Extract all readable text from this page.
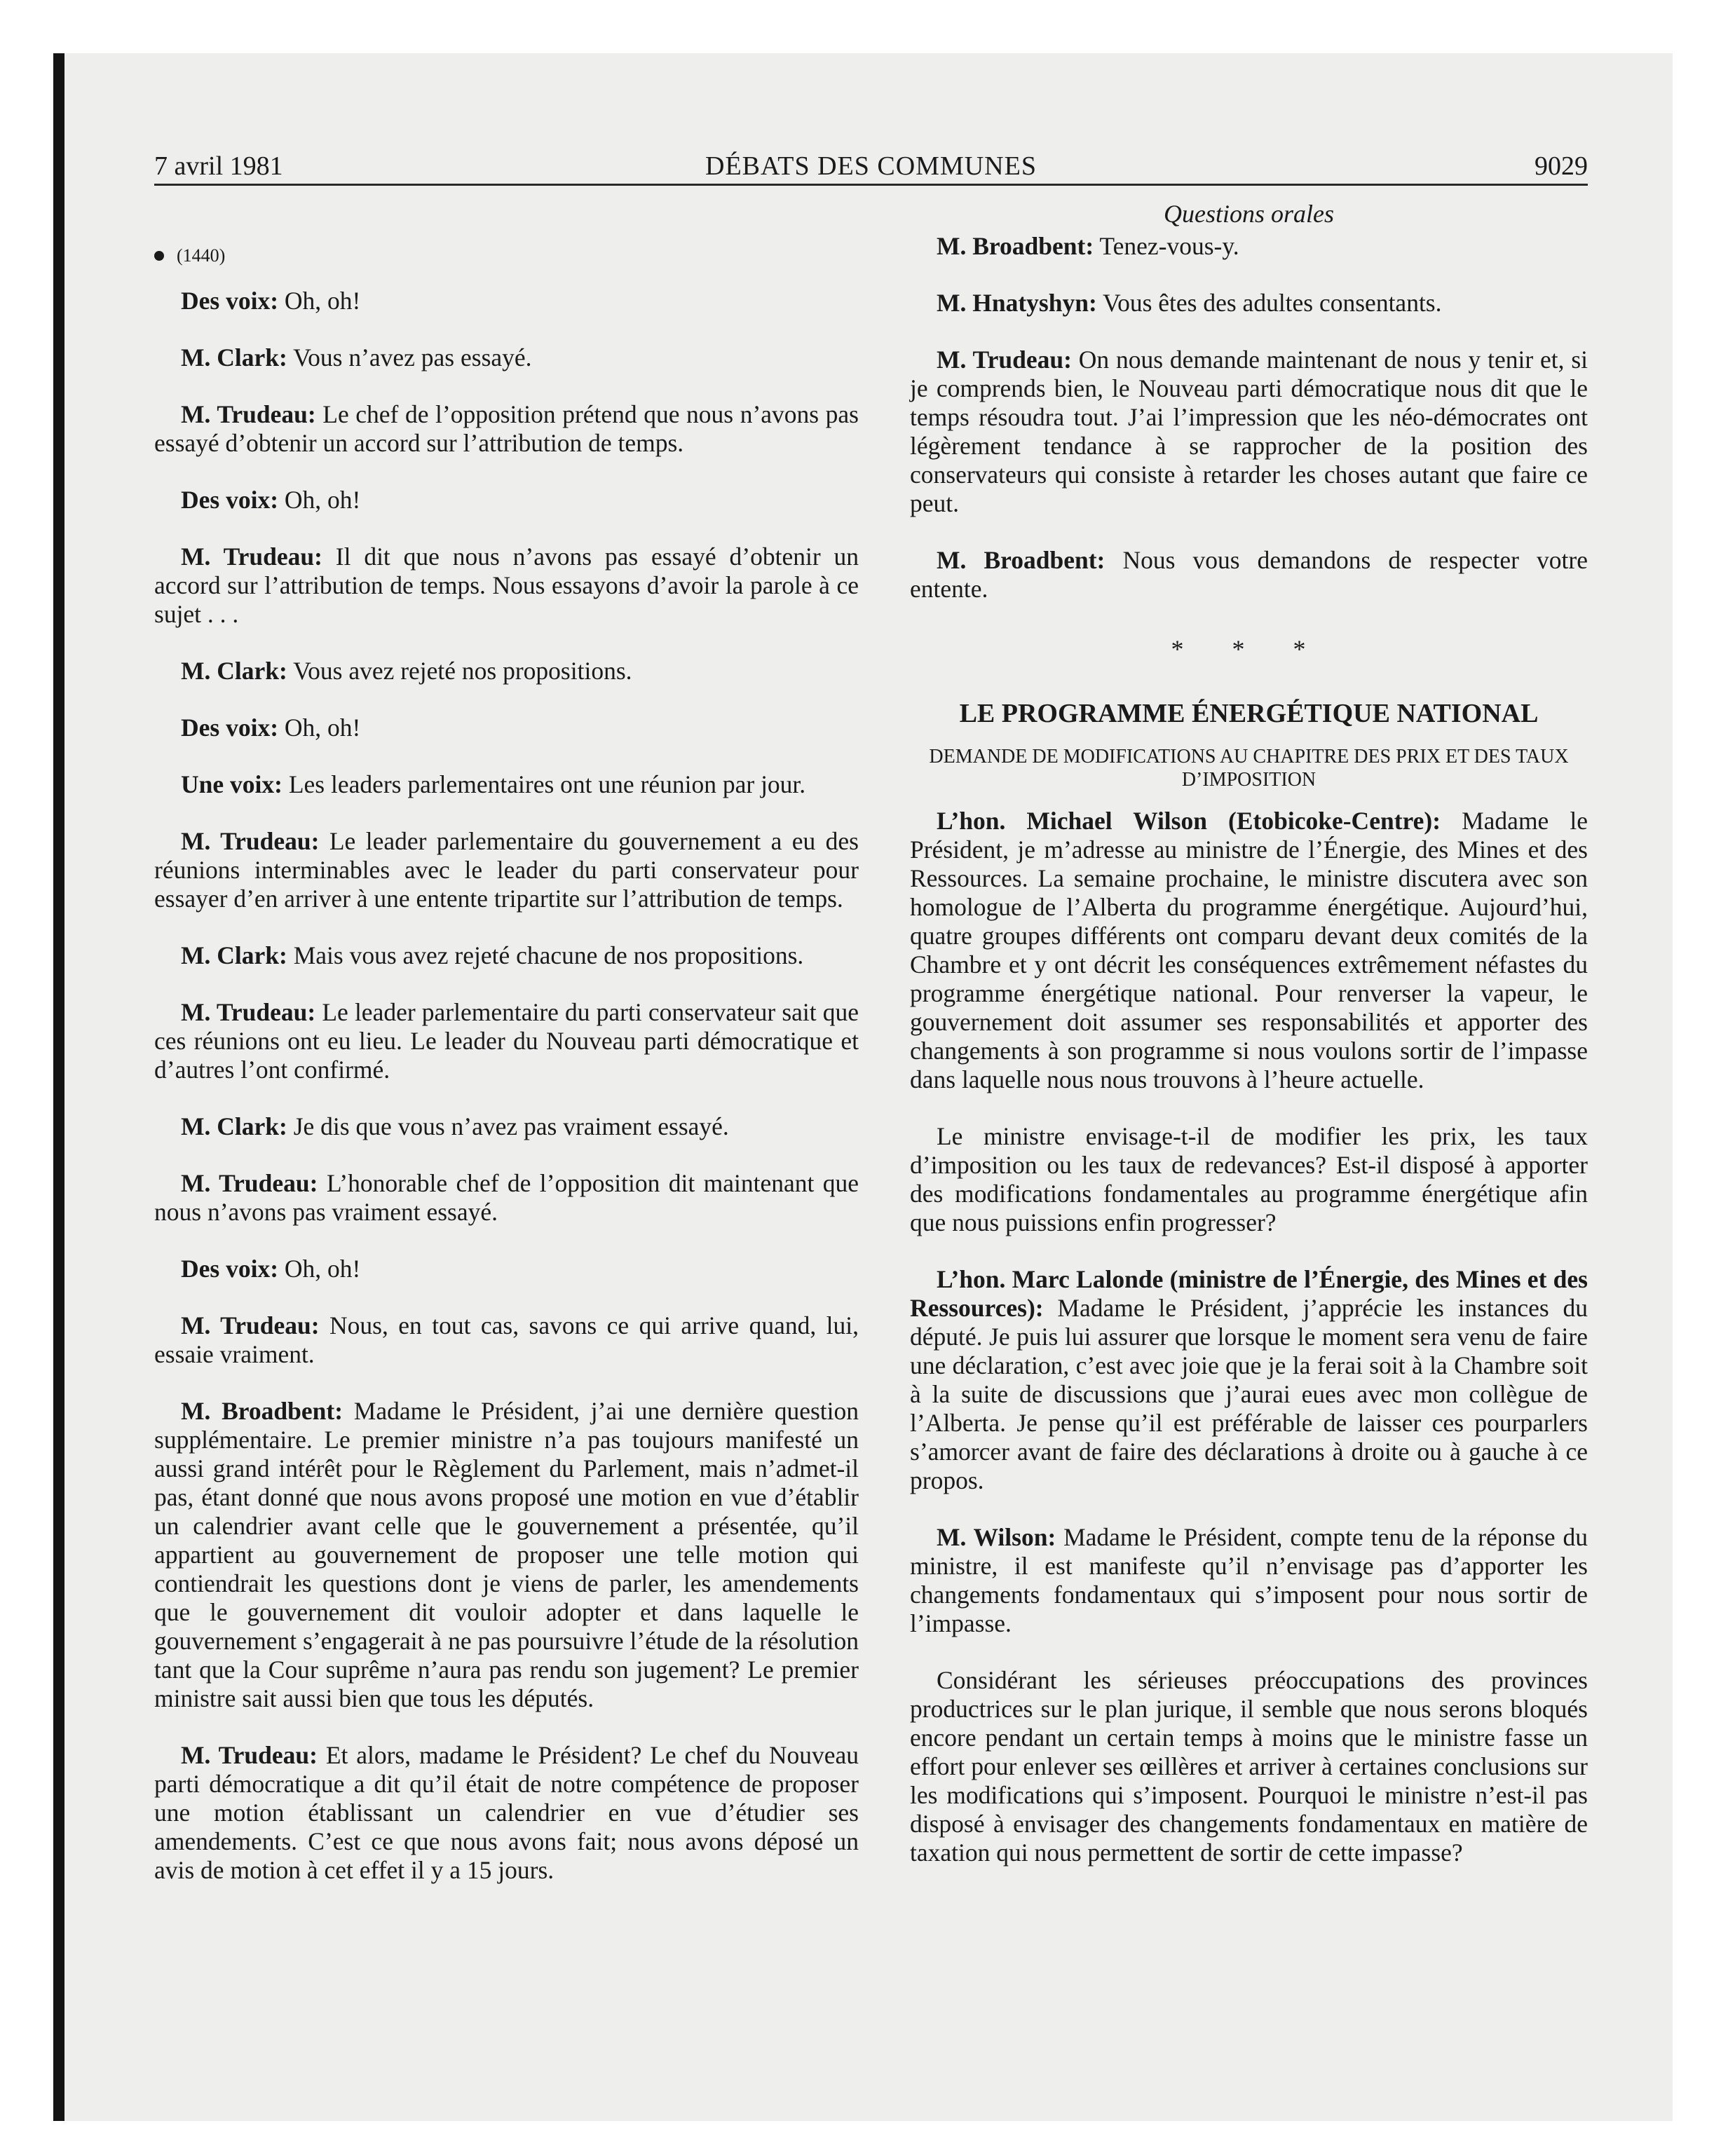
7 avril 1981	DÉBATS DES COMMUNES	9029
(1440)

Des voix: Oh, oh!

M. Clark: Vous n’avez pas essayé.

M. Trudeau: Le chef de l’opposition prétend que nous n’avons pas essayé d’obtenir un accord sur l’attribution de temps.

Des voix: Oh, oh!

M. Trudeau: Il dit que nous n’avons pas essayé d’obtenir un accord sur l’attribution de temps. Nous essayons d’avoir la parole à ce sujet . . .

M. Clark: Vous avez rejeté nos propositions.

Des voix: Oh, oh!

Une voix: Les leaders parlementaires ont une réunion par jour.

M. Trudeau: Le leader parlementaire du gouvernement a eu des réunions interminables avec le leader du parti conservateur pour essayer d’en arriver à une entente tripartite sur l’attribution de temps.

M. Clark: Mais vous avez rejeté chacune de nos propositions.

M. Trudeau: Le leader parlementaire du parti conservateur sait que ces réunions ont eu lieu. Le leader du Nouveau parti démocratique et d’autres l’ont confirmé.

M. Clark: Je dis que vous n’avez pas vraiment essayé.

M. Trudeau: L’honorable chef de l’opposition dit maintenant que nous n’avons pas vraiment essayé.

Des voix: Oh, oh!

M. Trudeau: Nous, en tout cas, savons ce qui arrive quand, lui, essaie vraiment.

M. Broadbent: Madame le Président, j’ai une dernière question supplémentaire. Le premier ministre n’a pas toujours manifesté un aussi grand intérêt pour le Règlement du Parlement, mais n’admet-il pas, étant donné que nous avons proposé une motion en vue d’établir un calendrier avant celle que le gouvernement a présentée, qu’il appartient au gouvernement de proposer une telle motion qui contiendrait les questions dont je viens de parler, les amendements que le gouvernement dit vouloir adopter et dans laquelle le gouvernement s’engagerait à ne pas poursuivre l’étude de la résolution tant que la Cour suprême n’aura pas rendu son jugement? Le premier ministre sait aussi bien que tous les députés.

M. Trudeau: Et alors, madame le Président? Le chef du Nouveau parti démocratique a dit qu’il était de notre compétence de proposer une motion établissant un calendrier en vue d’étudier ses amendements. C’est ce que nous avons fait; nous avons déposé un avis de motion à cet effet il y a 15 jours.

Questions orales

M. Broadbent: Tenez-vous-y.

M. Hnatyshyn: Vous êtes des adultes consentants.

M. Trudeau: On nous demande maintenant de nous y tenir et, si je comprends bien, le Nouveau parti démocratique nous dit que le temps résoudra tout. J’ai l’impression que les néo-démocrates ont légèrement tendance à se rapprocher de la position des conservateurs qui consiste à retarder les choses autant que faire ce peut.

M. Broadbent: Nous vous demandons de respecter votre entente.

* * *
LE PROGRAMME ÉNERGÉTIQUE NATIONAL
DEMANDE DE MODIFICATIONS AU CHAPITRE DES PRIX ET DES TAUX D’IMPOSITION

L’hon. Michael Wilson (Etobicoke-Centre): Madame le Président, je m’adresse au ministre de l’Énergie, des Mines et des Ressources. La semaine prochaine, le ministre discutera avec son homologue de l’Alberta du programme énergétique. Aujourd’hui, quatre groupes différents ont comparu devant deux comités de la Chambre et y ont décrit les conséquences extrêmement néfastes du programme énergétique national. Pour renverser la vapeur, le gouvernement doit assumer ses responsabilités et apporter des changements à son programme si nous voulons sortir de l’impasse dans laquelle nous nous trouvons à l’heure actuelle.

Le ministre envisage-t-il de modifier les prix, les taux d’imposition ou les taux de redevances? Est-il disposé à apporter des modifications fondamentales au programme énergétique afin que nous puissions enfin progresser?

L’hon. Marc Lalonde (ministre de l’Énergie, des Mines et des Ressources): Madame le Président, j’apprécie les instances du député. Je puis lui assurer que lorsque le moment sera venu de faire une déclaration, c’est avec joie que je la ferai soit à la Chambre soit à la suite de discussions que j’aurai eues avec mon collègue de l’Alberta. Je pense qu’il est préférable de laisser ces pourparlers s’amorcer avant de faire des déclarations à droite ou à gauche à ce propos.

M. Wilson: Madame le Président, compte tenu de la réponse du ministre, il est manifeste qu’il n’envisage pas d’apporter les changements fondamentaux qui s’imposent pour nous sortir de l’impasse.

Considérant les sérieuses préoccupations des provinces productrices sur le plan jurique, il semble que nous serons bloqués encore pendant un certain temps à moins que le ministre fasse un effort pour enlever ses œillères et arriver à certaines conclusions sur les modifications qui s’imposent. Pourquoi le ministre n’est-il pas disposé à envisager des changements fondamentaux en matière de taxation qui nous permettent de sortir de cette impasse?
